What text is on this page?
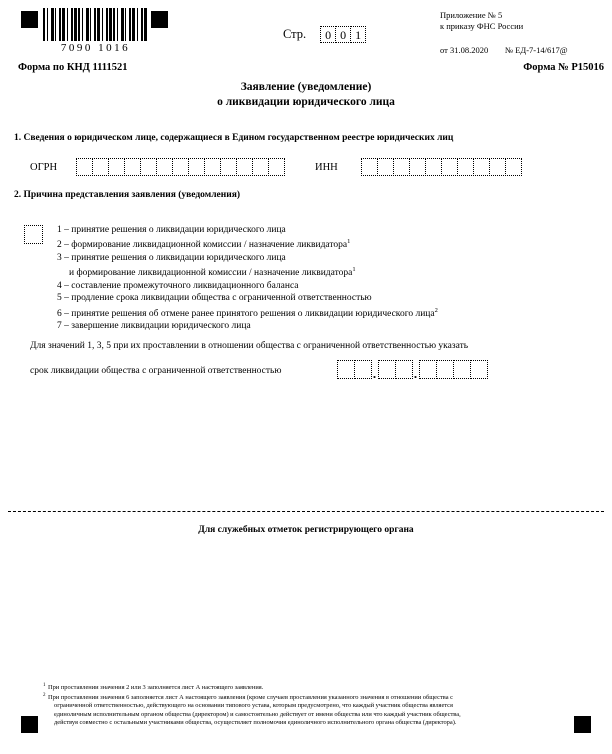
7090 1016
Стр.	0 0 1
Приложение № 5
к приказу ФНС России
от 31.08.2020 № ЕД-7-14/617@
Форма по КНД 1111521	Форма № Р15016
Заявление (уведомление)
о ликвидации юридического лица
1. Сведения о юридическом лице, содержащиеся в Едином государственном реестре юридических лиц
ОГРН	ИНН
2. Причина представления заявления (уведомления)
1 – принятие решения о ликвидации юридического лица
2 – формирование ликвидационной комиссии / назначение ликвидатора$^1$
3 – принятие решения о ликвидации юридического лица
и формирование ликвидационной комиссии / назначение ликвидатора$^1$
4 – составление промежуточного ликвидационного баланса
5 – продление срока ликвидации общества с ограниченной ответственностью
6 – принятие решения об отмене ранее принятого решения о ликвидации юридического лица$^2$
7 – завершение ликвидации юридического лица
Для значений 1, 3, 5 при их проставлении в отношении общества с ограниченной ответственностью указать
срок ликвидации общества с ограниченной ответственностью	.	.
Для служебных отметок регистрирующего органа
1 При проставлении значения 2 или 3 заполняется лист А настоящего заявления.

2 При проставлении значения 6 заполняется лист А настоящего заявления (кроме случаев проставления указанного значения в отношении общества с

ограниченной ответственностью, действующего на основании типового устава, которым предусмотрено, что каждый участник общества является

единоличным исполнительным органом общества (директором) и самостоятельно действует от имени общества или что каждый участник общества,

действуя совместно с остальными участниками общества, осуществляет полномочия единоличного исполнительного органа общества (директора).
